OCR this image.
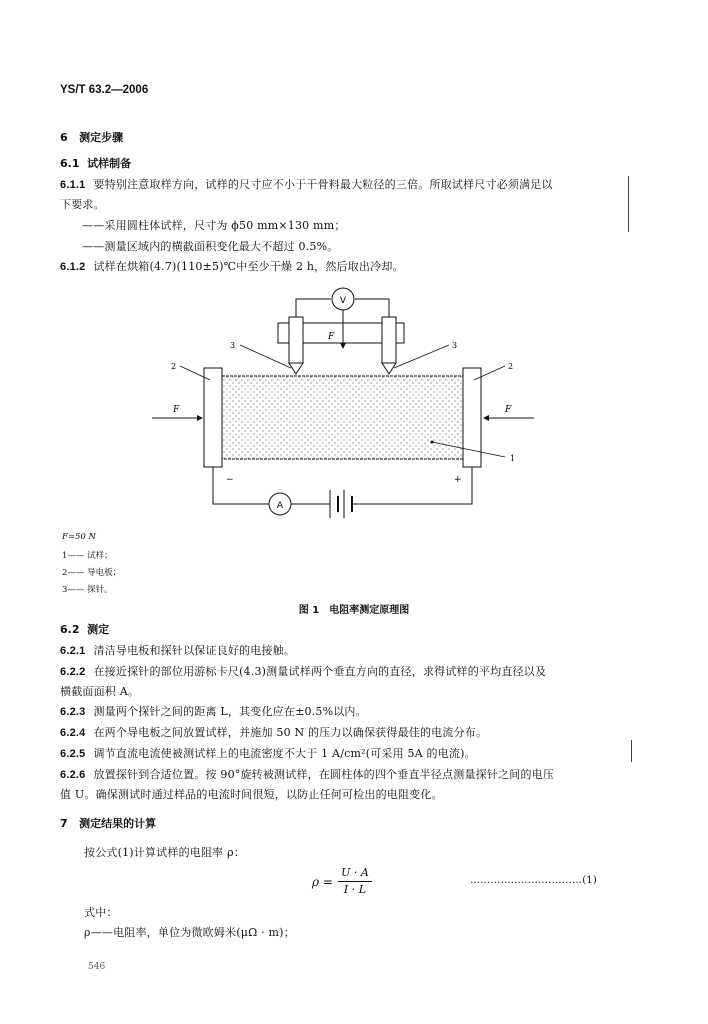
YS/T 63.2—2006
6 测定步骤
6.1 试样制备
6.1.1 要特别注意取样方向，试样的尺寸应不小于干骨料最大粒径的三倍。所取试样尺寸必须满足以
下要求。
——采用圆柱体试样，尺寸为 ϕ50 mm×130 mm；
——测量区域内的横截面积变化最大不超过 0.5%。
6.1.2 试样在烘箱(4.7)(110±5)℃中至少干燥 2 h，然后取出冷却。
V
F
3	3
2	2
F	F
1
A
−	+
F=50 N
1—— 试样；
2—— 导电板；
3—— 探针。
图 1　电阻率测定原理图
6.2 测定
6.2.1 清洁导电板和探针以保证良好的电接触。
6.2.2 在接近探针的部位用游标卡尺(4.3)测量试样两个垂直方向的直径，求得试样的平均直径以及
横截面面积 A。
6.2.3 测量两个探针之间的距离 L，其变化应在±0.5%以内。
6.2.4 在两个导电板之间放置试样，并施加 50 N 的压力以确保获得最佳的电流分布。
6.2.5 调节直流电流使被测试样上的电流密度不大于 1 A/cm²(可采用 5A 的电流)。
6.2.6 放置探针到合适位置。按 90°旋转被测试样，在圆柱体的四个垂直半径点测量探针之间的电压
值 U。确保测试时通过样品的电流时间很短，以防止任何可检出的电阻变化。
7 测定结果的计算
按公式(1)计算试样的电阻率 ρ：
ρ =
U · A
I · L
……………………………(1)
式中：
ρ——电阻率，单位为微欧姆米(μΩ · m)；
546
